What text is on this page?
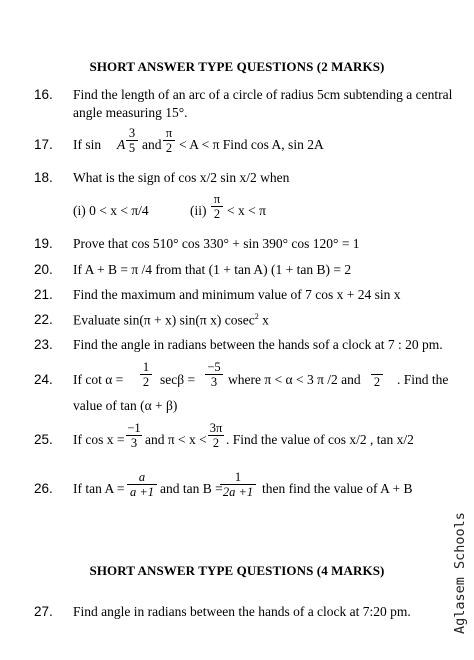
SHORT ANSWER TYPE QUESTIONS (2 MARKS)
16.	Find the length of an arc of a circle of radius 5cm subtending a central
angle measuring 15°.
17.	If sin A $\frac{3}{5}$ and $\frac{\pi}{2} < A < \pi$ Find cos A, sin 2A
18.	What is the sign of cos x/2 sin x/2 when
(i) 0 < x < π/4	$(ii) \frac{\pi}{2} < x < \pi$
19.	Prove that cos 510° cos 330° + sin 390° cos 120° = 1
20.	If A + B = π /4 from that (1 + tan A) (1 + tan B) = 2
21.	Find the maximum and minimum value of 7 cos x + 24 sin x
22.	Evaluate sin(π + x) sin(π x) cosec$^2$ x
23.	Find the angle in radians between the hands sof a clock at 7 : 20 pm.
24.	If $\cot \alpha = \frac{1}{2}$ $\sec\beta = \frac{-5}{3}$ where π < α < 3 π /2 and 2 . Find the
value of tan (α + β)
25.	If $\cos x = \frac{-1}{3}$ and $\pi < x < \frac{3\pi}{2}$ . Find the value of cos x/2 , tan x/2
26.	If $\tan A = \frac{a}{a +1}$ and tan B =
$\frac{1}{2a +1}$ then find the value of A + B
SHORT ANSWER TYPE QUESTIONS (4 MARKS)
27.	Find angle in radians between the hands of a clock at 7:20 pm.	Aglasem Schools
